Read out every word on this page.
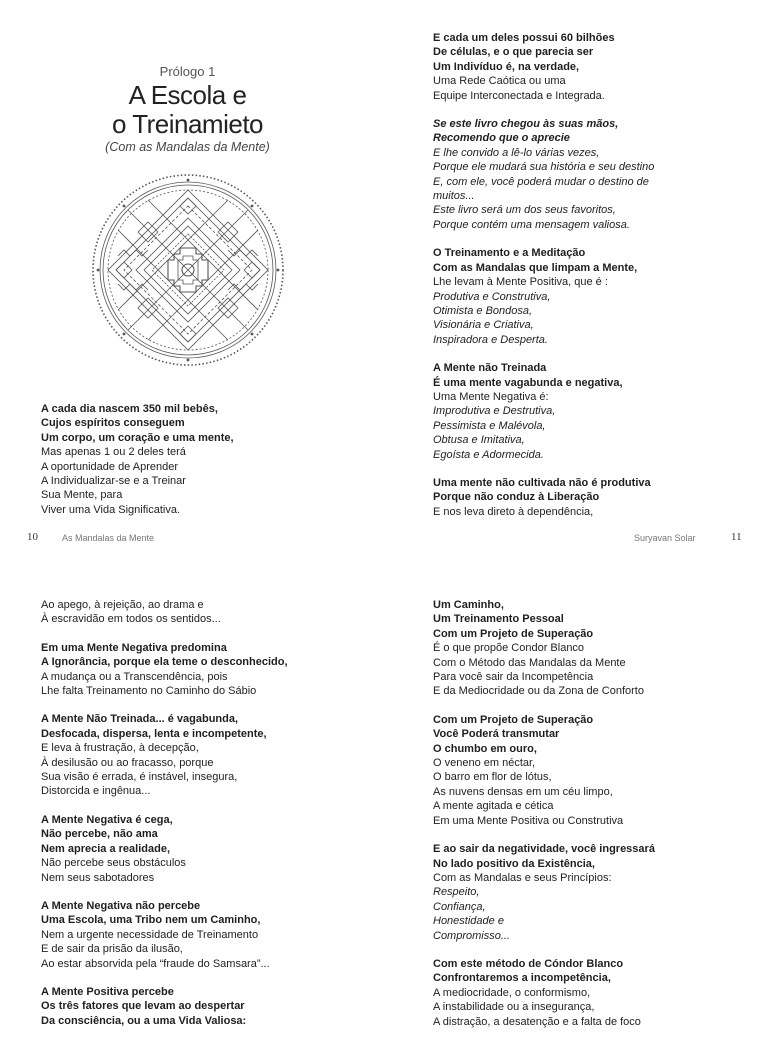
Prólogo 1
A Escola e
o Treinamieto
(Com as Mandalas da Mente)
A cada dia nascem 350 mil bebês,
Cujos espíritos conseguem
Um corpo, um coração e uma mente,
Mas apenas 1 ou 2 deles terá
A oportunidade de Aprender
A Individualizar-se e a Treinar
Sua Mente, para
Viver uma Vida Significativa.
E cada um deles possui 60 bilhões
De células, e o que parecia ser
Um Indivíduo é, na verdade,
Uma Rede Caótica ou uma
Equipe Interconectada e Integrada.
Se este livro chegou às suas mãos,
Recomendo que o aprecie
E lhe convido a lê-lo várias vezes,
Porque ele mudará sua história e seu destino
E, com ele, você poderá mudar o destino de
muitos...
Este livro será um dos seus favoritos,
Porque contém uma mensagem valiosa.
O Treinamento e a Meditação
Com as Mandalas que limpam a Mente,
Lhe levam à Mente Positiva, que é :
Produtiva e Construtiva,
Otimista e Bondosa,
Visionária e Criativa,
Inspiradora e Desperta.
A Mente não Treinada
É uma mente vagabunda e negativa,
Uma Mente Negativa é:
Improdutiva e Destrutiva,
Pessimista e Malévola,
Obtusa e Imitativa,
Egoísta e Adormecida.
Uma mente não cultivada não é produtiva
Porque não conduz à Liberação
E nos leva direto à dependência,
10	As Mandalas da Mente	Suryavan Solar	11
Ao apego, à rejeição, ao drama e
À escravidão em todos os sentidos...
Em uma Mente Negativa predomina
A Ignorância, porque ela teme o desconhecido,
A mudança ou a Transcendência, pois
Lhe falta Treinamento no Caminho do Sábio
A Mente Não Treinada... é vagabunda,
Desfocada, dispersa, lenta e incompetente,
E leva à frustração, à decepção,
À desilusão ou ao fracasso, porque
Sua visão é errada, é instável, insegura,
Distorcida e ingênua...
A Mente Negativa é cega,
Não percebe, não ama
Nem aprecia a realidade,
Não percebe seus obstáculos
Nem seus sabotadores
A Mente Negativa não percebe
Uma Escola, uma Tribo nem um Caminho,
Nem a urgente necessidade de Treinamento
E de sair da prisão da ilusão,
Ao estar absorvida pela “fraude do Samsara”...
A Mente Positiva percebe
Os três fatores que levam ao despertar
Da consciência, ou a uma Vida Valiosa:
Um Caminho,
Um Treinamento Pessoal
Com um Projeto de Superação
É o que propõe Condor Blanco
Com o Método das Mandalas da Mente
Para você sair da Incompetência
E da Mediocridade ou da Zona de Conforto
Com um Projeto de Superação
Você Poderá transmutar
O chumbo em ouro,
O veneno em néctar,
O barro em flor de lótus,
As nuvens densas em um céu limpo,
A mente agitada e cética
Em uma Mente Positiva ou Construtiva
E ao sair da negatividade, você ingressará
No lado positivo da Existência,
Com as Mandalas e seus Princípios:
Respeito,
Confiança,
Honestidade e
Compromisso...
Com este método de Cóndor Blanco
Confrontaremos a incompetência,
A mediocridade, o conformismo,
A instabilidade ou a insegurança,
A distração, a desatenção e a falta de foco
